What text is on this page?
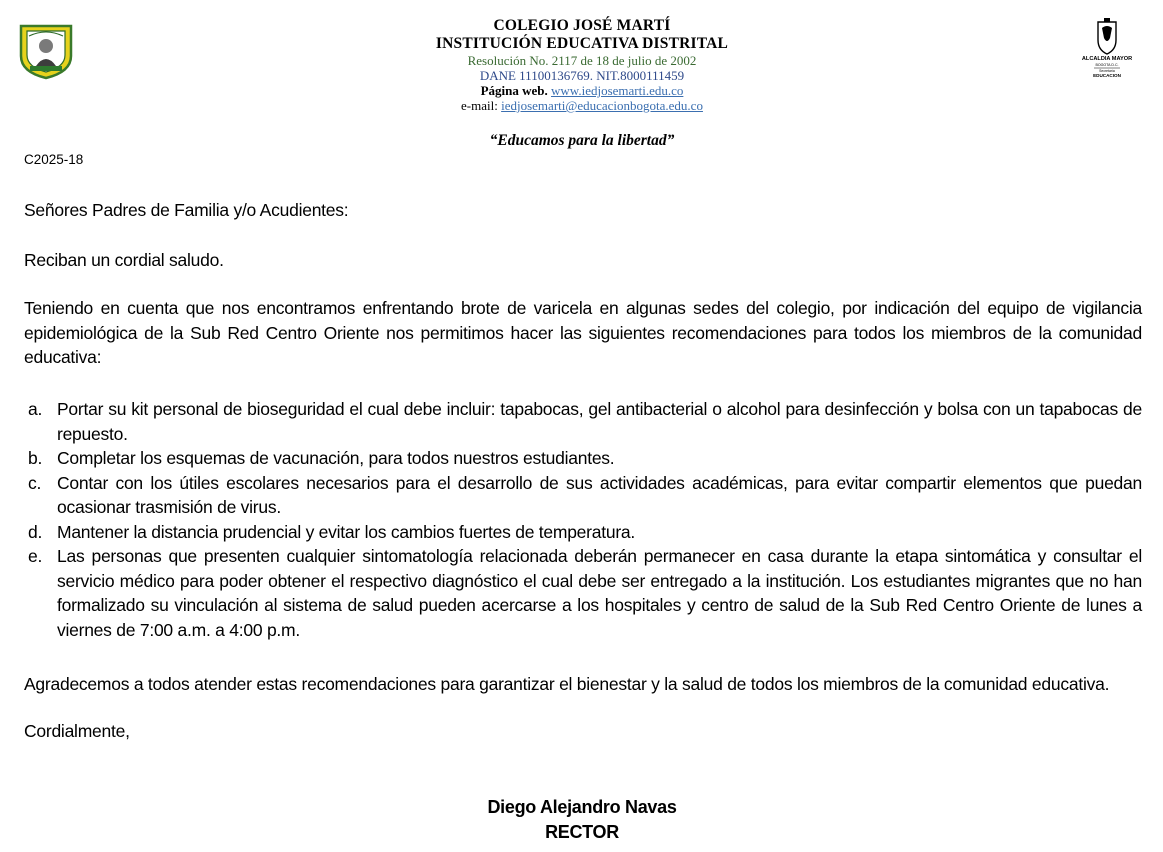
ALCALDIA MAYOR
BOGOTA D.C.
Secretaría
EDUCACION
COLEGIO JOSÉ MARTÍ
INSTITUCIÓN EDUCATIVA DISTRITAL
Resolución No. 2117 de 18 de julio de 2002
DANE 11100136769. NIT.8000111459
Página web. www.iedjosemarti.edu.co
e-mail: iedjosemarti@educacionbogota.edu.co
“Educamos para la libertad”
C2025-18
Señores Padres de Familia y/o Acudientes:
Reciban un cordial saludo.
Teniendo en cuenta que nos encontramos enfrentando brote de varicela en algunas sedes del colegio, por indicación del equipo de vigilancia epidemiológica de la Sub Red Centro Oriente nos permitimos hacer las siguientes recomendaciones para todos los miembros de la comunidad educativa:
a. Portar su kit personal de bioseguridad el cual debe incluir: tapabocas, gel antibacterial o alcohol para desinfección y bolsa con un tapabocas de repuesto.
b. Completar los esquemas de vacunación, para todos nuestros estudiantes.
c. Contar con los útiles escolares necesarios para el desarrollo de sus actividades académicas, para evitar compartir elementos que puedan ocasionar trasmisión de virus.
d. Mantener la distancia prudencial y evitar los cambios fuertes de temperatura.
e. Las personas que presenten cualquier sintomatología relacionada deberán permanecer en casa durante la etapa sintomática y consultar el servicio médico para poder obtener el respectivo diagnóstico el cual debe ser entregado a la institución. Los estudiantes migrantes que no han formalizado su vinculación al sistema de salud pueden acercarse a los hospitales y centro de salud de la Sub Red Centro Oriente de lunes a viernes de 7:00 a.m. a 4:00 p.m.
Agradecemos a todos atender estas recomendaciones para garantizar el bienestar y la salud de todos los miembros de la comunidad educativa.
Cordialmente,
Diego Alejandro Navas
RECTOR
